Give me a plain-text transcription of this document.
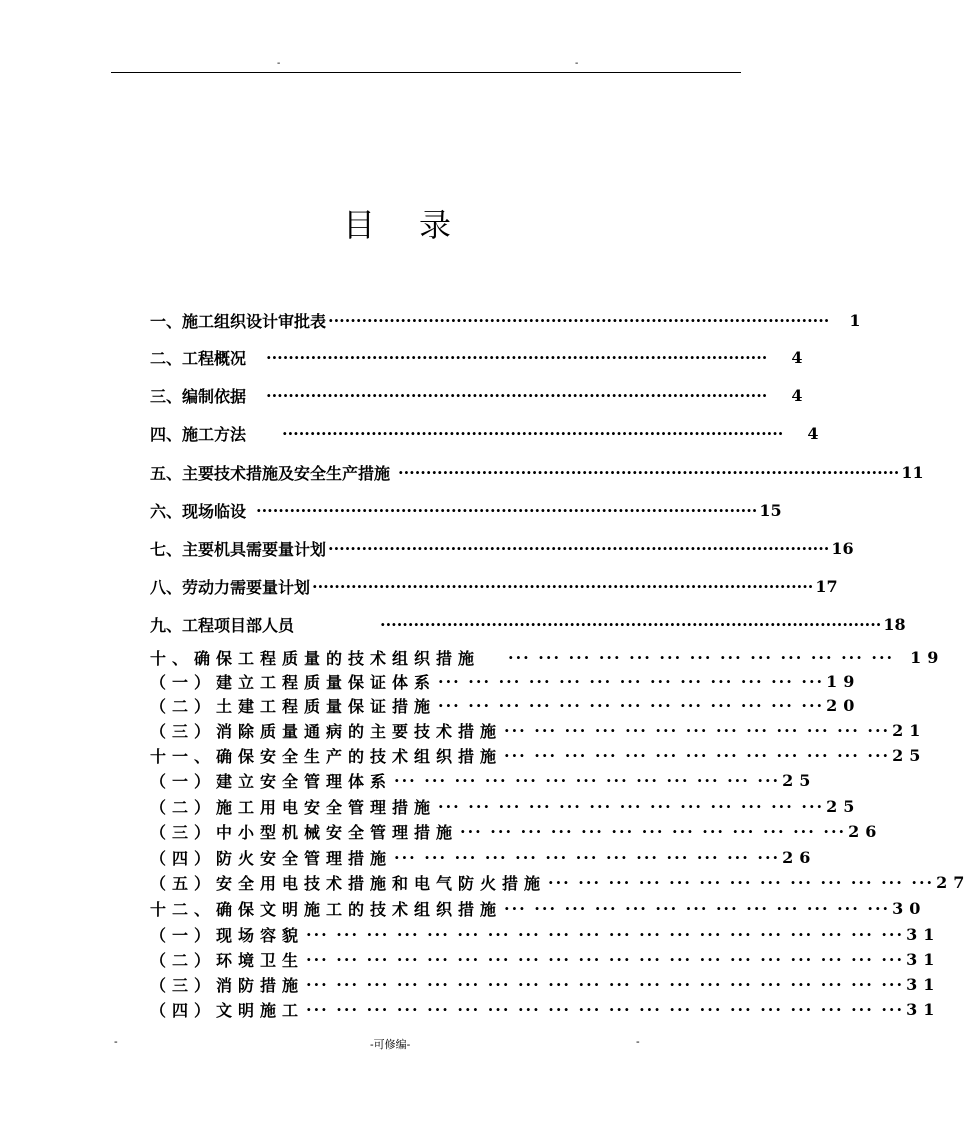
-	-
目录
一、施工组织设计审批表 ·························································································· 1
二、工程概况 ·························································································· 4
三、编制依据 ·························································································· 4
四、施工方法 ·························································································· 4
五、主要技术措施及安全生产措施 ·························································································· 11
六、现场临设 ·························································································· 15
七、主要机具需要量计划 ·························································································· 16
八、劳动力需要量计划 ·························································································· 17
九、工程项目部人员	·························································································· 18
十、确保工程质量的技术组织措施 ··· ··· ··· ··· ··· ··· ··· ··· ··· ··· ··· ··· ··· 19
（一）建立工程质量保证体系 ··· ··· ··· ··· ··· ··· ··· ··· ··· ··· ··· ··· ··· 19
（二）土建工程质量保证措施 ··· ··· ··· ··· ··· ··· ··· ··· ··· ··· ··· ··· ··· 20
（三）消除质量通病的主要技术措施 ··· ··· ··· ··· ··· ··· ··· ··· ··· ··· ··· ··· ··· 21
十一、确保安全生产的技术组织措施 ··· ··· ··· ··· ··· ··· ··· ··· ··· ··· ··· ··· ··· 25
（一）建立安全管理体系 ··· ··· ··· ··· ··· ··· ··· ··· ··· ··· ··· ··· ··· 25
（二）施工用电安全管理措施 ··· ··· ··· ··· ··· ··· ··· ··· ··· ··· ··· ··· ··· 25
（三）中小型机械安全管理措施 ··· ··· ··· ··· ··· ··· ··· ··· ··· ··· ··· ··· ··· 26
（四）防火安全管理措施 ··· ··· ··· ··· ··· ··· ··· ··· ··· ··· ··· ··· ··· 26
（五）安全用电技术措施和电气防火措施 ··· ··· ··· ··· ··· ··· ··· ··· ··· ··· ··· ··· ··· 27
十二、确保文明施工的技术组织措施 ··· ··· ··· ··· ··· ··· ··· ··· ··· ··· ··· ··· ··· 30
（一）现场容貌 ··· ··· ··· ··· ··· ··· ··· ··· ··· ··· ··· ··· ··· ··· ··· ··· ··· ··· ··· ··· 31
（二）环境卫生 ··· ··· ··· ··· ··· ··· ··· ··· ··· ··· ··· ··· ··· ··· ··· ··· ··· ··· ··· ··· 31
（三）消防措施 ··· ··· ··· ··· ··· ··· ··· ··· ··· ··· ··· ··· ··· ··· ··· ··· ··· ··· ··· ··· 31
（四）文明施工 ··· ··· ··· ··· ··· ··· ··· ··· ··· ··· ··· ··· ··· ··· ··· ··· ··· ··· ··· ··· 31
-	-可修编-	-
